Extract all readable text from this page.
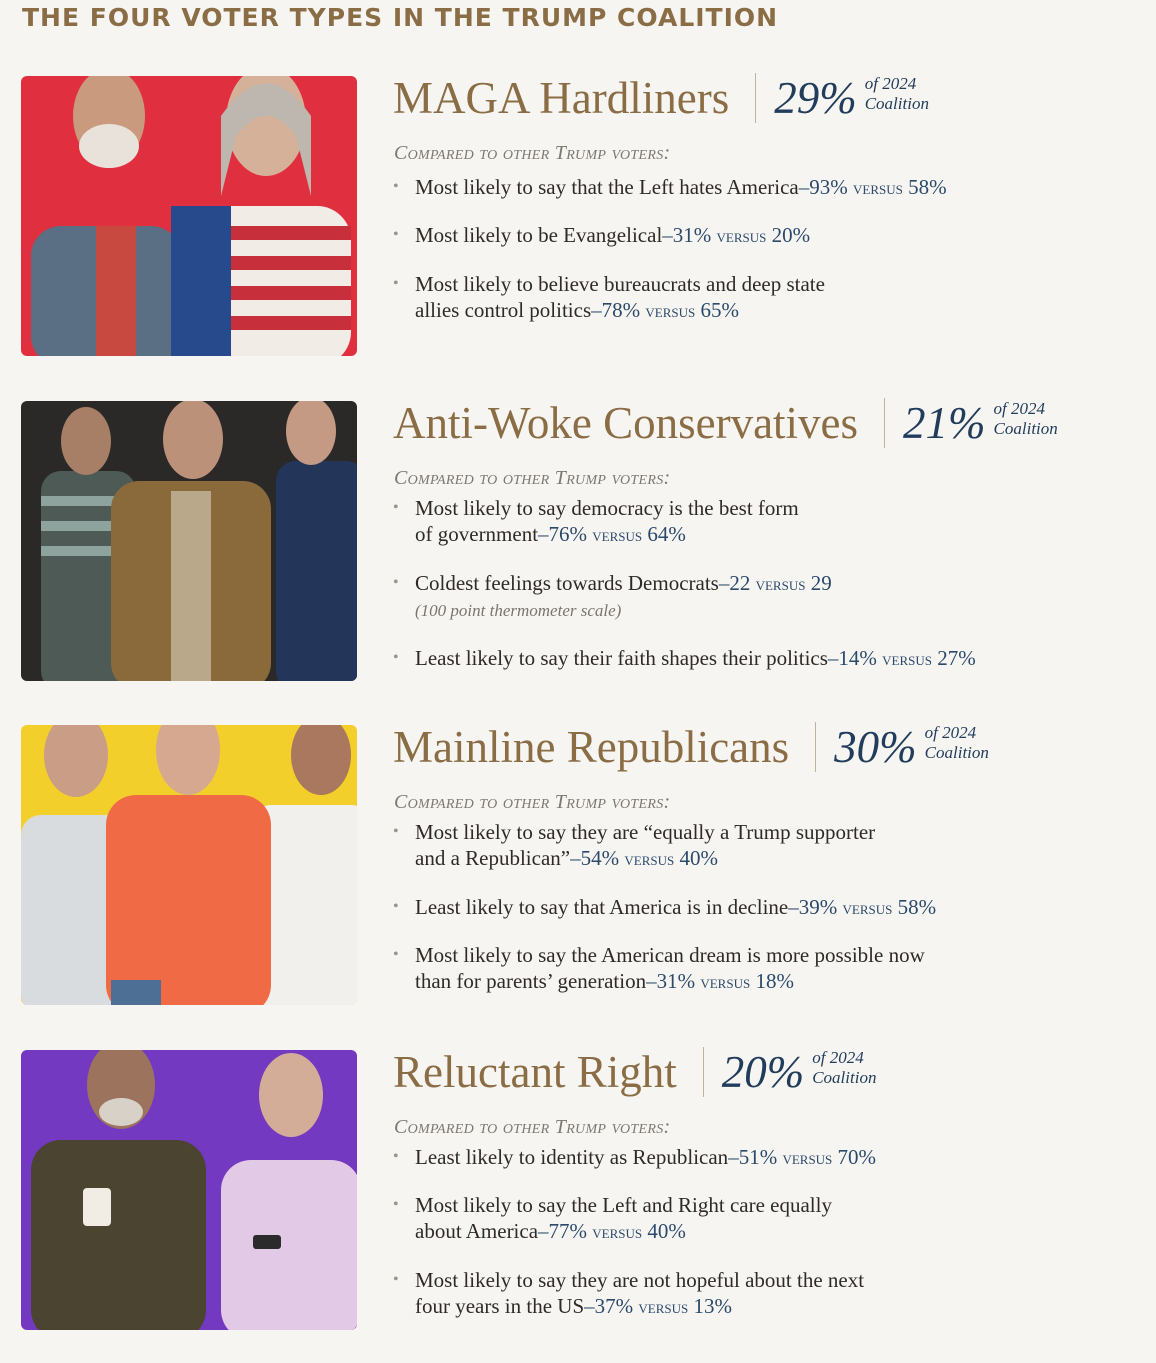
THE FOUR VOTER TYPES IN THE TRUMP COALITION
MAGA Hardliners 29% of 2024
Coalition
Compared to other Trump voters:
• Most likely to say that the Left hates America–93% versus 58%
• Most likely to be Evangelical–31% versus 20%
• Most likely to believe bureaucrats and deep state
allies control politics–78% versus 65%
Anti-Woke Conservatives 21% of 2024
Coalition
Compared to other Trump voters:
• Most likely to say democracy is the best form
of government–76% versus 64%
• Coldest feelings towards Democrats–22 versus 29
(100 point thermometer scale)
• Least likely to say their faith shapes their politics–14% versus 27%
Mainline Republicans 30% of 2024
Coalition
Compared to other Trump voters:
• Most likely to say they are “equally a Trump supporter
and a Republican”–54% versus 40%
• Least likely to say that America is in decline–39% versus 58%
• Most likely to say the American dream is more possible now
than for parents’ generation–31% versus 18%
Reluctant Right 20% of 2024
Coalition
Compared to other Trump voters:
• Least likely to identity as Republican–51% versus 70%
• Most likely to say the Left and Right care equally
about America–77% versus 40%
• Most likely to say they are not hopeful about the next
four years in the US–37% versus 13%
